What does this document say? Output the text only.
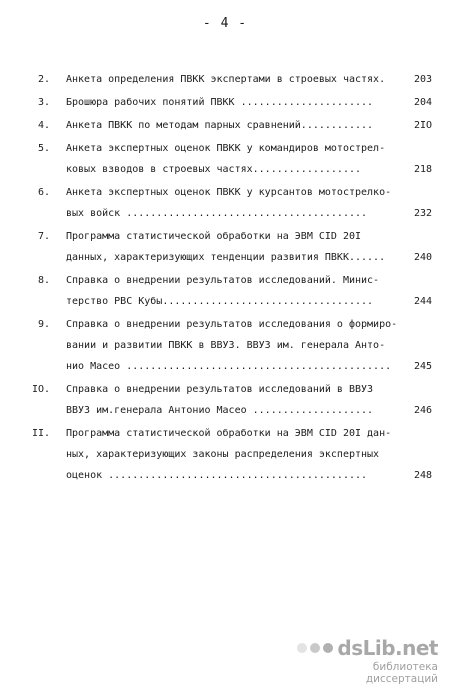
- 4 -
2. Анкета определения ПВКК экспертами в строевых частях.	203
3. Брошюра рабочих понятий ПВКК ......................	204
4. Анкета ПВКК по методам парных сравнений............	2IO
5. Анкета экспертных оценок ПВКК у командиров мотострел-
ковых взводов в строевых частях..................	218
6. Анкета экспертных оценок ПВКК у курсантов мотострелко-
вых войск ........................................	232
7. Программа статистической обработки на ЭВМ CID 20I
данных, характеризующих тенденции развития ПВКК......	240
8. Справка о внедрении результатов исследований. Минис-
терство РВС Кубы...................................	244
9. Справка о внедрении результатов исследования о формиро-
вании и развитии ПВКК в ВВУЗ. ВВУЗ им. генерала Анто-
нио Масео ............................................ 245
IO. Справка о внедрении результатов исследований в ВВУЗ
ВВУЗ им.генерала Антонио Масео ....................	246
II. Программа статистической обработки на ЭВМ CID 20I дан-
ных, характеризующих законы распределения экспертных
оценок ...........................................	248
dsLib.net
библиотека диссертаций
